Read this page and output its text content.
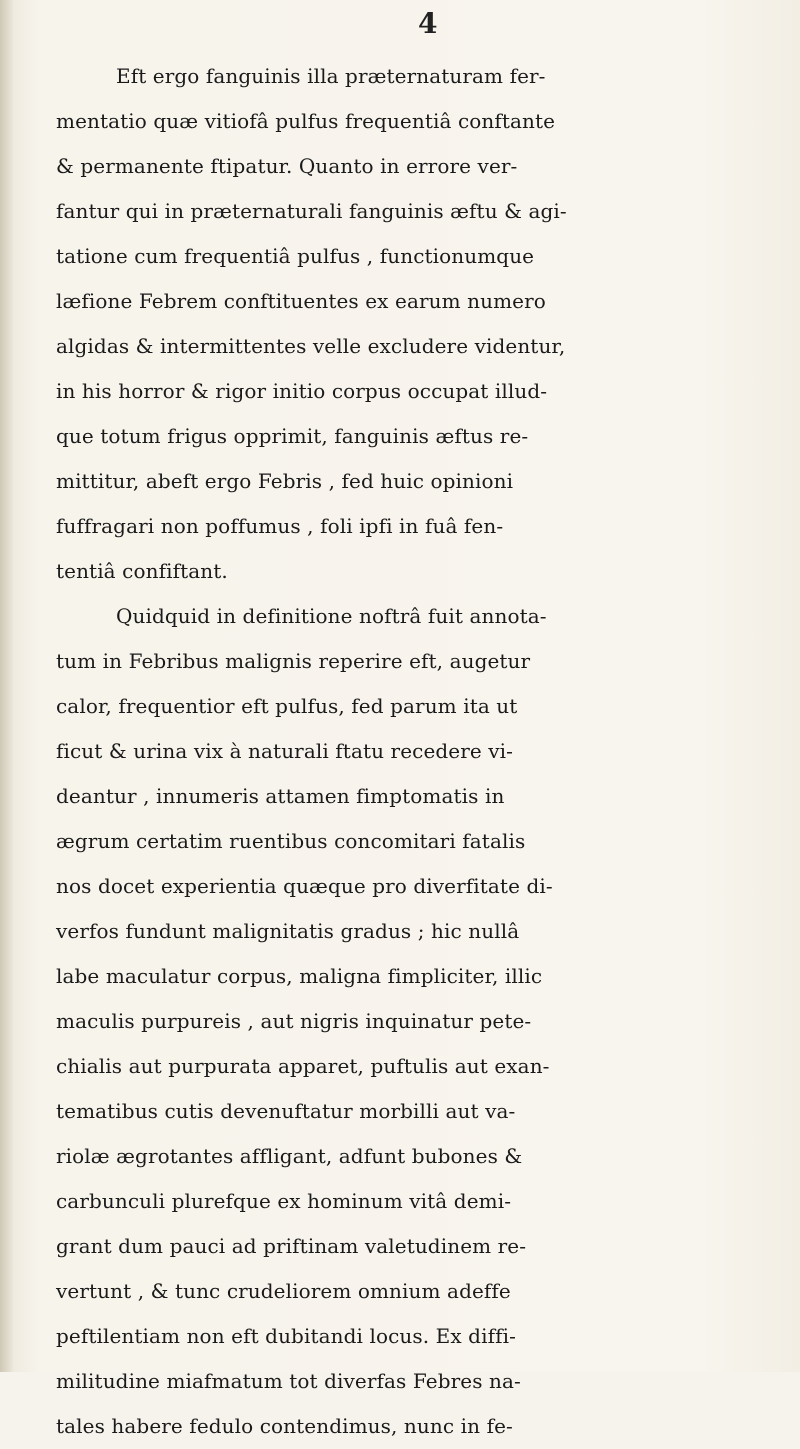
4
Eft ergo fanguinis illa præternaturam fer-
mentatio quæ vitiofâ pulfus frequentiâ conftante
& permanente ftipatur. Quanto in errore ver-
fantur qui in præternaturali fanguinis æftu & agi-
tatione cum frequentiâ pulfus , functionumque
læfione Febrem conftituentes ex earum numero
algidas & intermittentes velle excludere videntur,
in his horror & rigor initio corpus occupat illud-
que totum frigus opprimit, fanguinis æftus re-
mittitur, abeft ergo Febris , fed huic opinioni
fuffragari non poffumus , foli ipfi in fuâ fen-
tentiâ confiftant.
Quidquid in definitione noftrâ fuit annota-
tum in Febribus malignis reperire eft, augetur
calor, frequentior eft pulfus, fed parum ita ut
ficut & urina vix à naturali ftatu recedere vi-
deantur , innumeris attamen fimptomatis in
ægrum certatim ruentibus concomitari fatalis
nos docet experientia quæque pro diverfitate di-
verfos fundunt malignitatis gradus ; hic nullâ
labe maculatur corpus, maligna fimpliciter, illic
maculis purpureis , aut nigris inquinatur pete-
chialis aut purpurata apparet, puftulis aut exan-
tematibus cutis devenuftatur morbilli aut va-
riolæ ægrotantes affligant, adfunt bubones &
carbunculi plurefque ex hominum vitâ demi-
grant dum pauci ad priftinam valetudinem re-
vertunt , & tunc crudeliorem omnium adeffe
peftilentiam non eft dubitandi locus. Ex diffi-
militudine miafmatum tot diverfas Febres na-
tales habere fedulo contendimus, nunc in fe-
